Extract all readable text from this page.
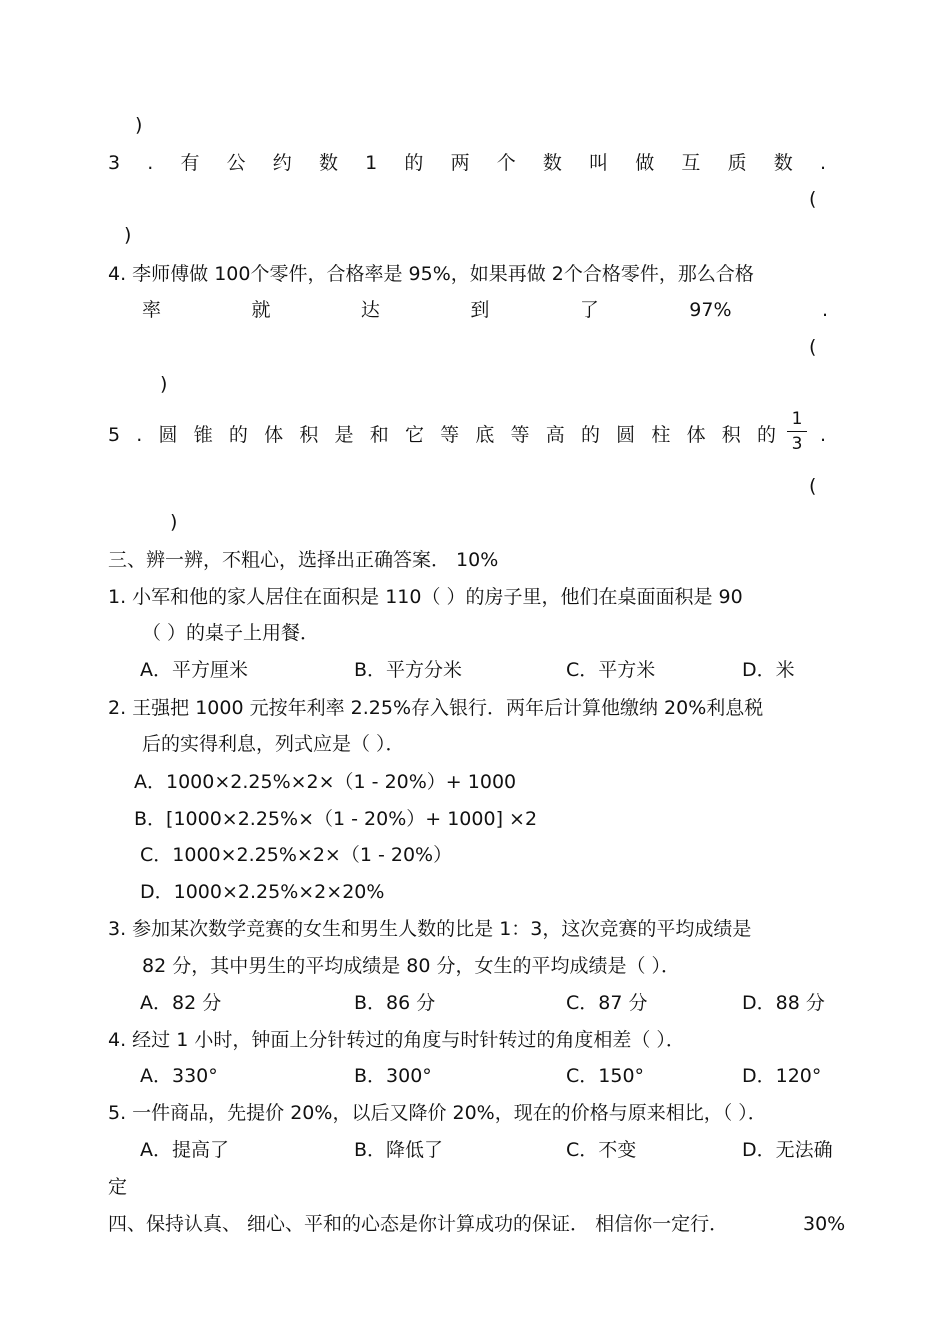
)
3 . 有 公 约 数 1 的 两 个 数 叫 做 互 质 数 .
(
)
4. 李师傅做 100个零件，合格率是 95%，如果再做 2个合格零件，那么合格
率	就	达	到	了	97%	.
(
)
5 . 圆 锥 的 体 积 是 和 它 等 底 等 高 的 圆 柱 体 积 的
1
3 .
(
)
三、辨一辨，不粗心，选择出正确答案． 10%
1. 小军和他的家人居住在面积是 110（ ）的房子里，他们在桌面面积是 90
（ ）的桌子上用餐．
A．平方厘米	B．平方分米	C．平方米	D．米
2. 王强把 1000 元按年利率 2.25%存入银行．两年后计算他缴纳 20%利息税
后的实得利息，列式应是（ ）．
A．1000×2.25%×2×（1 - 20%）+ 1000
B．[1000×2.25%×（1 - 20%）+ 1000] ×2
C．1000×2.25%×2×（1 - 20%）
D．1000×2.25%×2×20%
3. 参加某次数学竞赛的女生和男生人数的比是 1：3，这次竞赛的平均成绩是
82 分，其中男生的平均成绩是 80 分，女生的平均成绩是（ ）．
A．82 分	B．86 分	C．87 分	D．88 分
4. 经过 1 小时，钟面上分针转过的角度与时针转过的角度相差（ ）．
A．330°	B．300°	C．150°	D．120°
5. 一件商品，先提价 20%，以后又降价 20%，现在的价格与原来相比，（ ）．
A．提高了	B．降低了	C．不变	D．无法确
定
四、保持认真、 细心、平和的心态是你计算成功的保证． 相信你一定行．	30%
